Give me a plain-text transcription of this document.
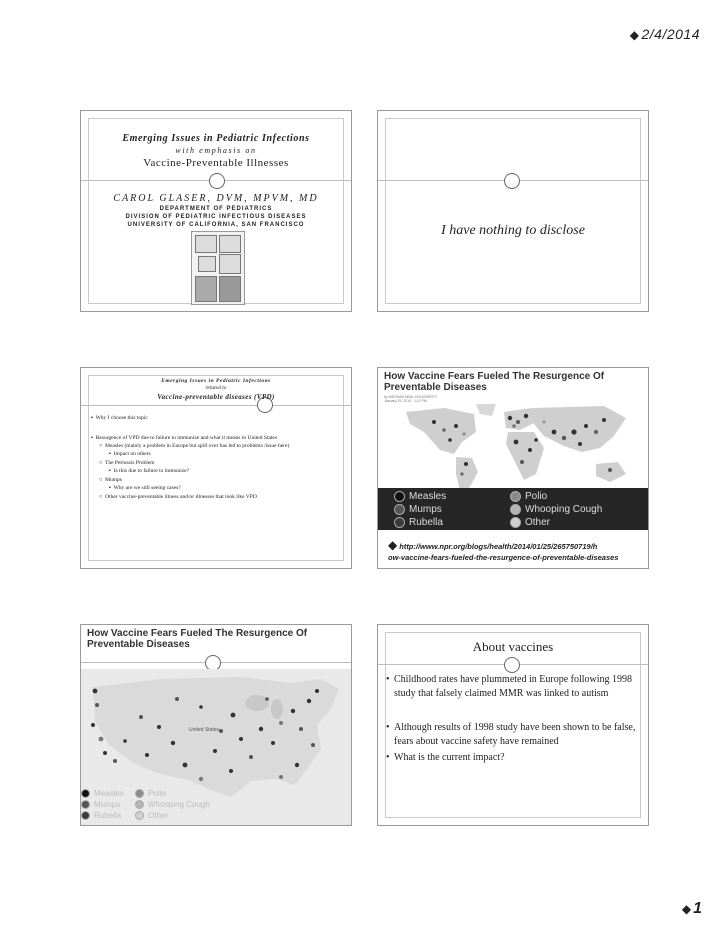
◆ 2/4/2014
◆ 1
Emerging Issues in Pediatric Infections
with emphasis on
Vaccine-Preventable Illnesses
CAROL GLASER, DVM, MPVM, MD
DEPARTMENT OF PEDIATRICS
DIVISION OF PEDIATRIC INFECTIOUS DISEASES
UNIVERSITY OF CALIFORNIA, SAN FRANCISCO	I have nothing to disclose
Emerging Issues in Pediatric Infections
related to
Vaccine-preventable diseases (VPD)
▪  Why I choose this topic
▪  Resurgence of VPD due to failure to immunize and what it means to United States
○  Measles (mainly a problem in Europe but spill over has led to problems /issue here)
▪  Impact on others
○  The Pertussis Problem
▪  Is this due to failure to immunize?
○  Mumps
▪  Why are we still seeing cases?
○  Other vaccine-preventable illness and/or illnesses that look like VPD
How Vaccine Fears Fueled The Resurgence Of Preventable Diseases
by MEGHAN NEAL DOUGHERTY
January 25, 2014 1:11 PM
2013
Measles	Polio
Mumps	Whooping Cough
Rubella	Other
◆ http://www.npr.org/blogs/health/2014/01/25/265750719/h
ow-vaccine-fears-fueled-the-resurgence-of-preventable-diseases
How Vaccine Fears Fueled The Resurgence Of Preventable Diseases
United States
Measles	Polio
Mumps	Whooping Cough
Rubella	Other
About vaccines
• Childhood rates have plummeted in Europe following 1998 study that falsely claimed MMR was linked to autism
• Although results of 1998 study have been shown to be false, fears about vaccine safety have remained
• What is the current impact?
